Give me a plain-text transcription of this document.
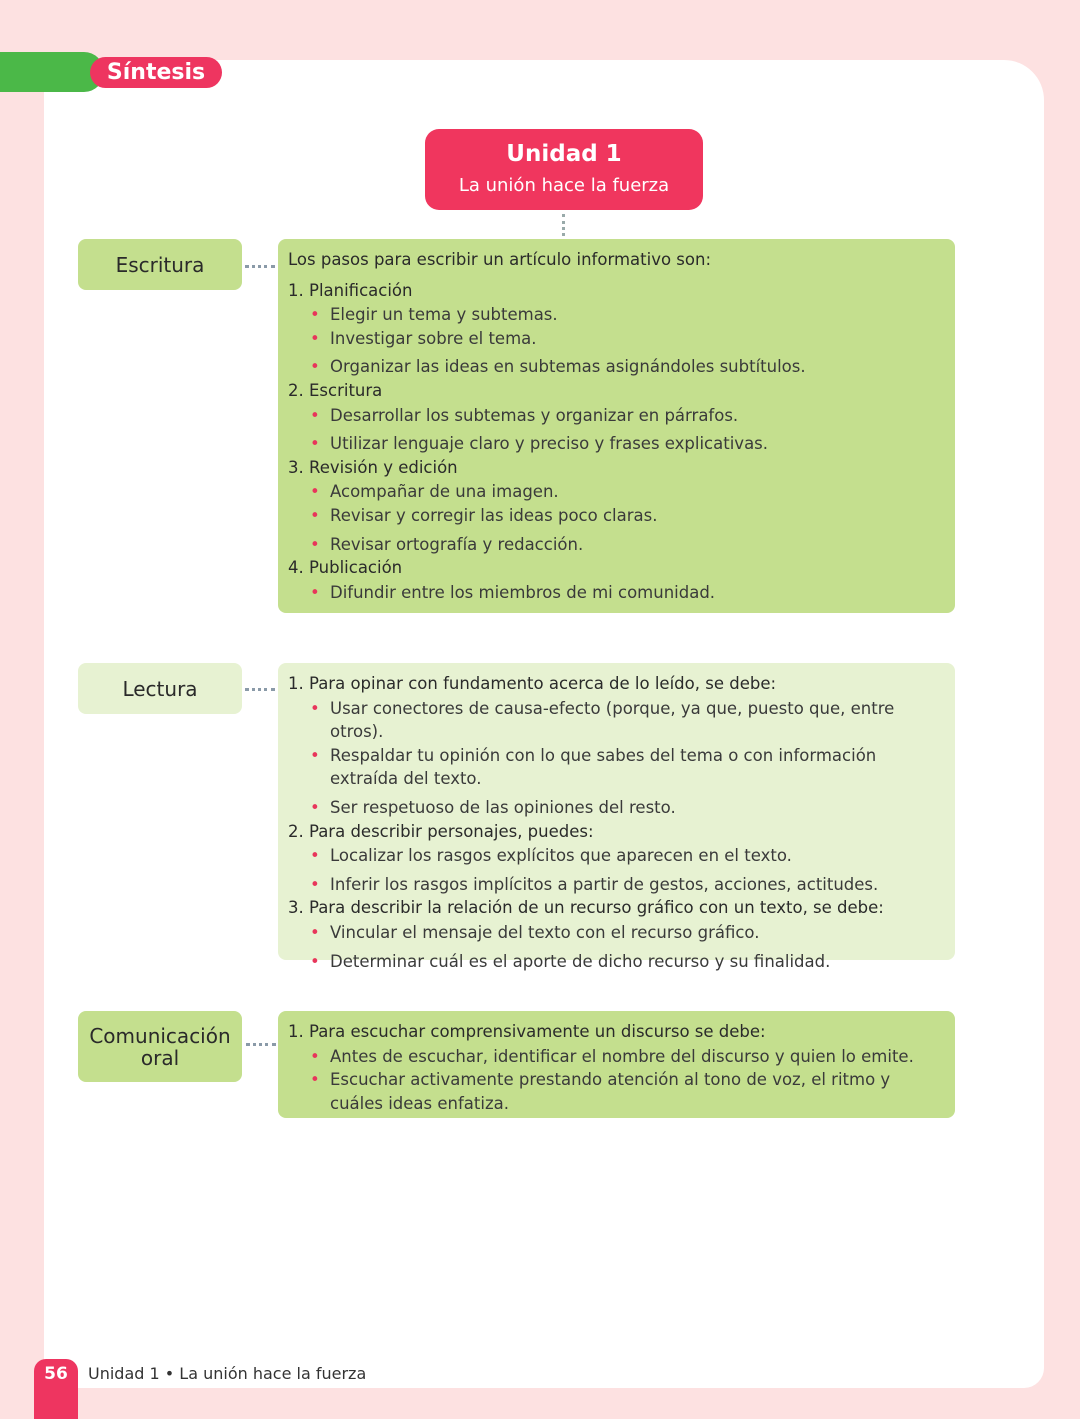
Síntesis
Unidad 1
La unión hace la fuerza
Escritura	Los pasos para escribir un artículo informativo son:
1. Planificación
• Elegir un tema y subtemas.
• Investigar sobre el tema.
• Organizar las ideas en subtemas asignándoles subtítulos.
2. Escritura
• Desarrollar los subtemas y organizar en párrafos.
• Utilizar lenguaje claro y preciso y frases explicativas.
3. Revisión y edición
• Acompañar de una imagen.
• Revisar y corregir las ideas poco claras.
• Revisar ortografía y redacción.
4. Publicación
• Difundir entre los miembros de mi comunidad.
Lectura	1. Para opinar con fundamento acerca de lo leído, se debe:
• Usar conectores de causa-efecto (porque, ya que, puesto que, entre otros).
• Respaldar tu opinión con lo que sabes del tema o con información extraída del texto.
• Ser respetuoso de las opiniones del resto.
2. Para describir personajes, puedes:
• Localizar los rasgos explícitos que aparecen en el texto.
• Inferir los rasgos implícitos a partir de gestos, acciones, actitudes.
3. Para describir la relación de un recurso gráfico con un texto, se debe:
• Vincular el mensaje del texto con el recurso gráfico.
• Determinar cuál es el aporte de dicho recurso y su finalidad.
Comunicación oral
1. Para escuchar comprensivamente un discurso se debe:
• Antes de escuchar, identificar el nombre del discurso y quien lo emite.
• Escuchar activamente prestando atención al tono de voz, el ritmo y cuáles ideas enfatiza.
56	Unidad 1 • La unión hace la fuerza
